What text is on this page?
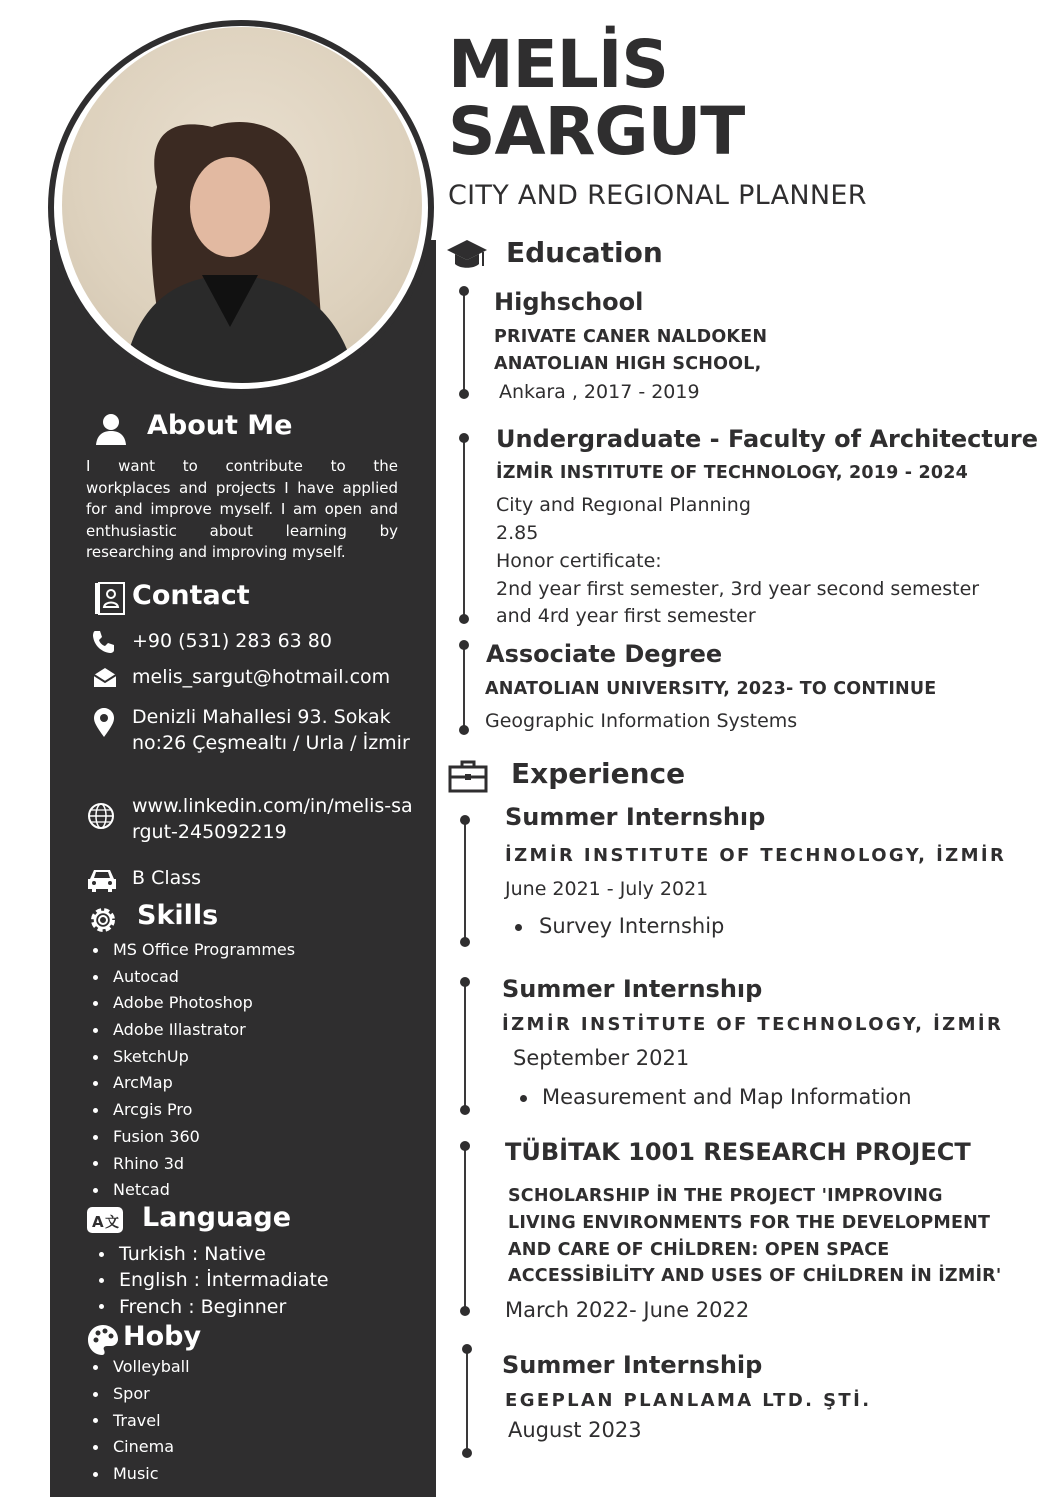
About Me
I want to contribute to the
workplaces and projects I have applied for and improve myself. I am open and enthusiastic about learning by researching and improving myself.
Contact
+90 (531) 283 63 80
melis_sargut@hotmail.com
Denizli Mahallesi 93. Sokak no:26 Çeşmealtı / Urla / İzmir
www.linkedin.com/in/melis-sargut-245092219
B Class
Skills
MS Office Programmes
Autocad
Adobe Photoshop
Adobe Illastrator
SketchUp
ArcMap
Arcgis Pro
Fusion 360
Rhino 3d
Netcad
A 文 Language
Turkish : Native
English : İntermadiate
French : Beginner
Hoby
Volleyball
Spor
Travel
Cinema
Music
MELİS
SARGUT
CITY AND REGIONAL PLANNER
Education
Highschool
PRIVATE CANER NALDOKEN
ANATOLIAN HIGH SCHOOL,
Ankara , 2017 - 2019
Undergraduate - Faculty of Architecture
İZMİR INSTITUTE OF TECHNOLOGY, 2019 - 2024
City and Regıonal Planning
2.85
Honor certificate:
2nd year first semester, 3rd year second semester
and 4rd year first semester
Associate Degree
ANATOLIAN UNIVERSITY, 2023- TO CONTINUE
Geographic Information Systems
Experience
Summer Internshıp
İZMİR INSTITUTE OF TECHNOLOGY, İZMİR
June 2021 - July 2021
Survey Internship
Summer Internshıp
İZMİR INSTİTUTE OF TECHNOLOGY, İZMİR
September 2021
Measurement and Map Information
TÜBİTAK 1001 RESEARCH PROJECT
SCHOLARSHIP İN THE PROJECT 'IMPROVING
LIVING ENVIRONMENTS FOR THE DEVELOPMENT
AND CARE OF CHİLDREN: OPEN SPACE
ACCESSİBİLİTY AND USES OF CHİLDREN İN İZMİR'
March 2022- June 2022
Summer Internship
EGEPLAN PLANLAMA LTD. ŞTİ.
August 2023
